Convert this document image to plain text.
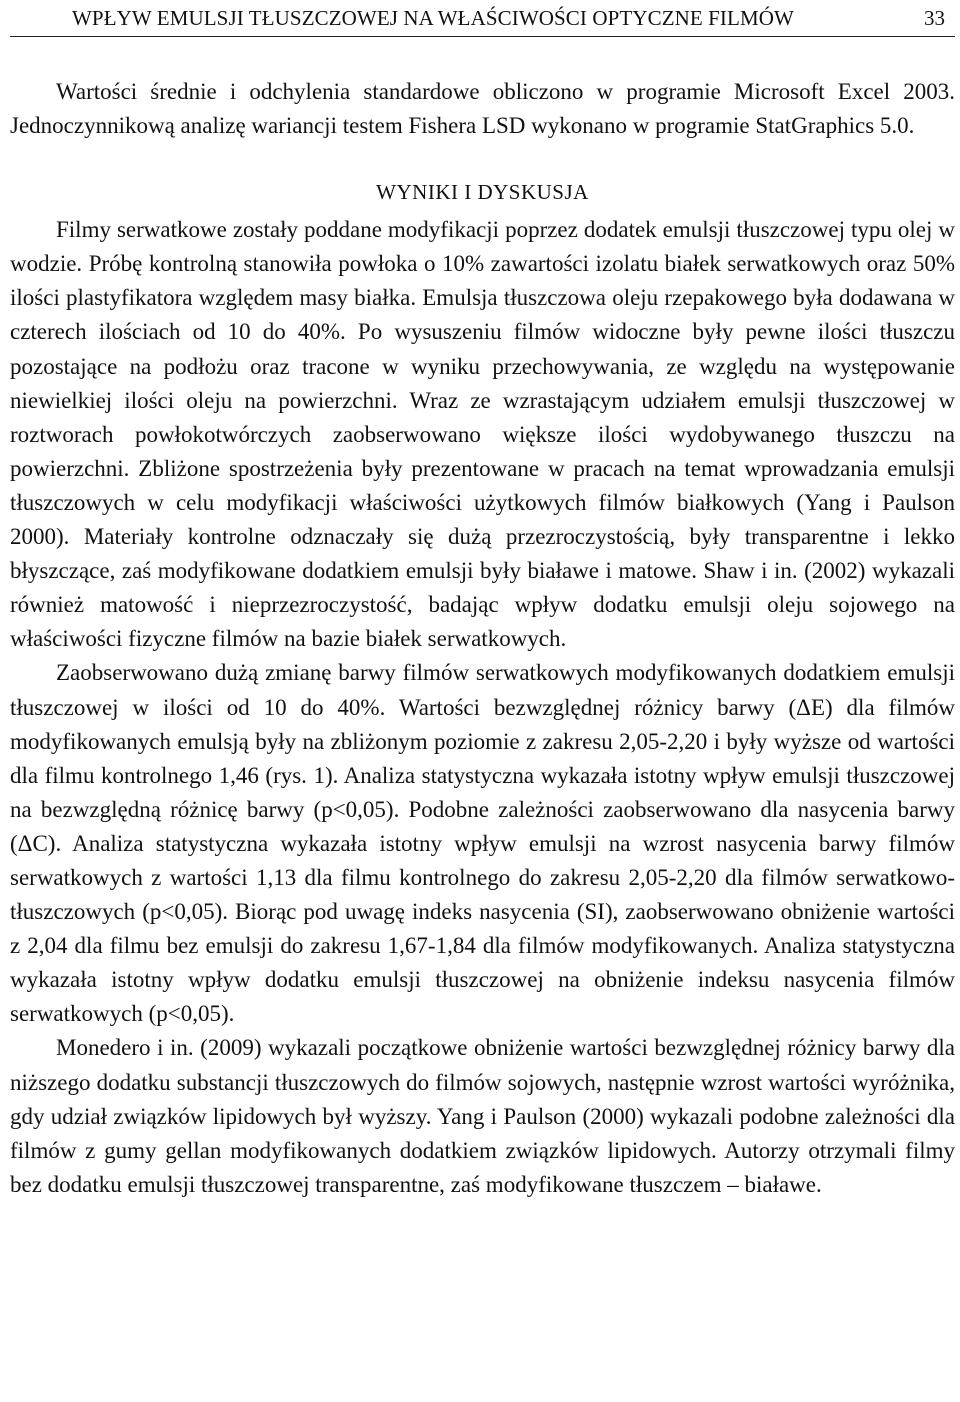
WPŁYW EMULSJI TŁUSZCZOWEJ NA WŁAŚCIWOŚCI OPTYCZNE FILMÓW	33

Wartości średnie i odchylenia standardowe obliczono w programie Microsoft Excel 2003. Jednoczynnikową analizę wariancji testem Fishera LSD wykonano w programie StatGraphics 5.0.

WYNIKI I DYSKUSJA

Filmy serwatkowe zostały poddane modyfikacji poprzez dodatek emulsji tłuszczowej typu olej w wodzie. Próbę kontrolną stanowiła powłoka o 10% zawartości izolatu białek serwatkowych oraz 50% ilości plastyfikatora względem masy białka. Emulsja tłuszczowa oleju rzepakowego była dodawana w czterech ilościach od 10 do 40%. Po wysuszeniu filmów widoczne były pewne ilości tłuszczu pozostające na podłożu oraz tracone w wyniku przechowywania, ze względu na występowanie niewielkiej ilości oleju na powierzchni. Wraz ze wzrastającym udziałem emulsji tłuszczowej w roztworach powłokotwórczych zaobserwowano większe ilości wydobywanego tłuszczu na powierzchni. Zbliżone spostrzeżenia były prezentowane w pracach na temat wprowadzania emulsji tłuszczowych w celu modyfikacji właściwości użytkowych filmów białkowych (Yang i Paulson 2000). Materiały kontrolne odznaczały się dużą przezroczystością, były transparentne i lekko błyszczące, zaś modyfikowane dodatkiem emulsji były białawe i matowe. Shaw i in. (2002) wykazali również matowość i nieprzezroczystość, badając wpływ dodatku emulsji oleju sojowego na właściwości fizyczne filmów na bazie białek serwatkowych.

Zaobserwowano dużą zmianę barwy filmów serwatkowych modyfikowanych dodatkiem emulsji tłuszczowej w ilości od 10 do 40%. Wartości bezwzględnej różnicy barwy (ΔE) dla filmów modyfikowanych emulsją były na zbliżonym poziomie z zakresu 2,05-2,20 i były wyższe od wartości dla filmu kontrolnego 1,46 (rys. 1). Analiza statystyczna wykazała istotny wpływ emulsji tłuszczowej na bezwzględną różnicę barwy (p<0,05). Podobne zależności zaobserwowano dla nasycenia barwy (ΔC). Analiza statystyczna wykazała istotny wpływ emulsji na wzrost nasycenia barwy filmów serwatkowych z wartości 1,13 dla filmu kontrolnego do zakresu 2,05-2,20 dla filmów serwatkowo-tłuszczowych (p<0,05). Biorąc pod uwagę indeks nasycenia (SI), zaobserwowano obniżenie wartości z 2,04 dla filmu bez emulsji do zakresu 1,67-1,84 dla filmów modyfikowanych. Analiza statystyczna wykazała istotny wpływ dodatku emulsji tłuszczowej na obniżenie indeksu nasycenia filmów serwatkowych (p<0,05).

Monedero i in. (2009) wykazali początkowe obniżenie wartości bezwzględnej różnicy barwy dla niższego dodatku substancji tłuszczowych do filmów sojowych, następnie wzrost wartości wyróżnika, gdy udział związków lipidowych był wyższy. Yang i Paulson (2000) wykazali podobne zależności dla filmów z gumy gellan modyfikowanych dodatkiem związków lipidowych. Autorzy otrzymali filmy bez dodatku emulsji tłuszczowej transparentne, zaś modyfikowane tłuszczem – białawe.
